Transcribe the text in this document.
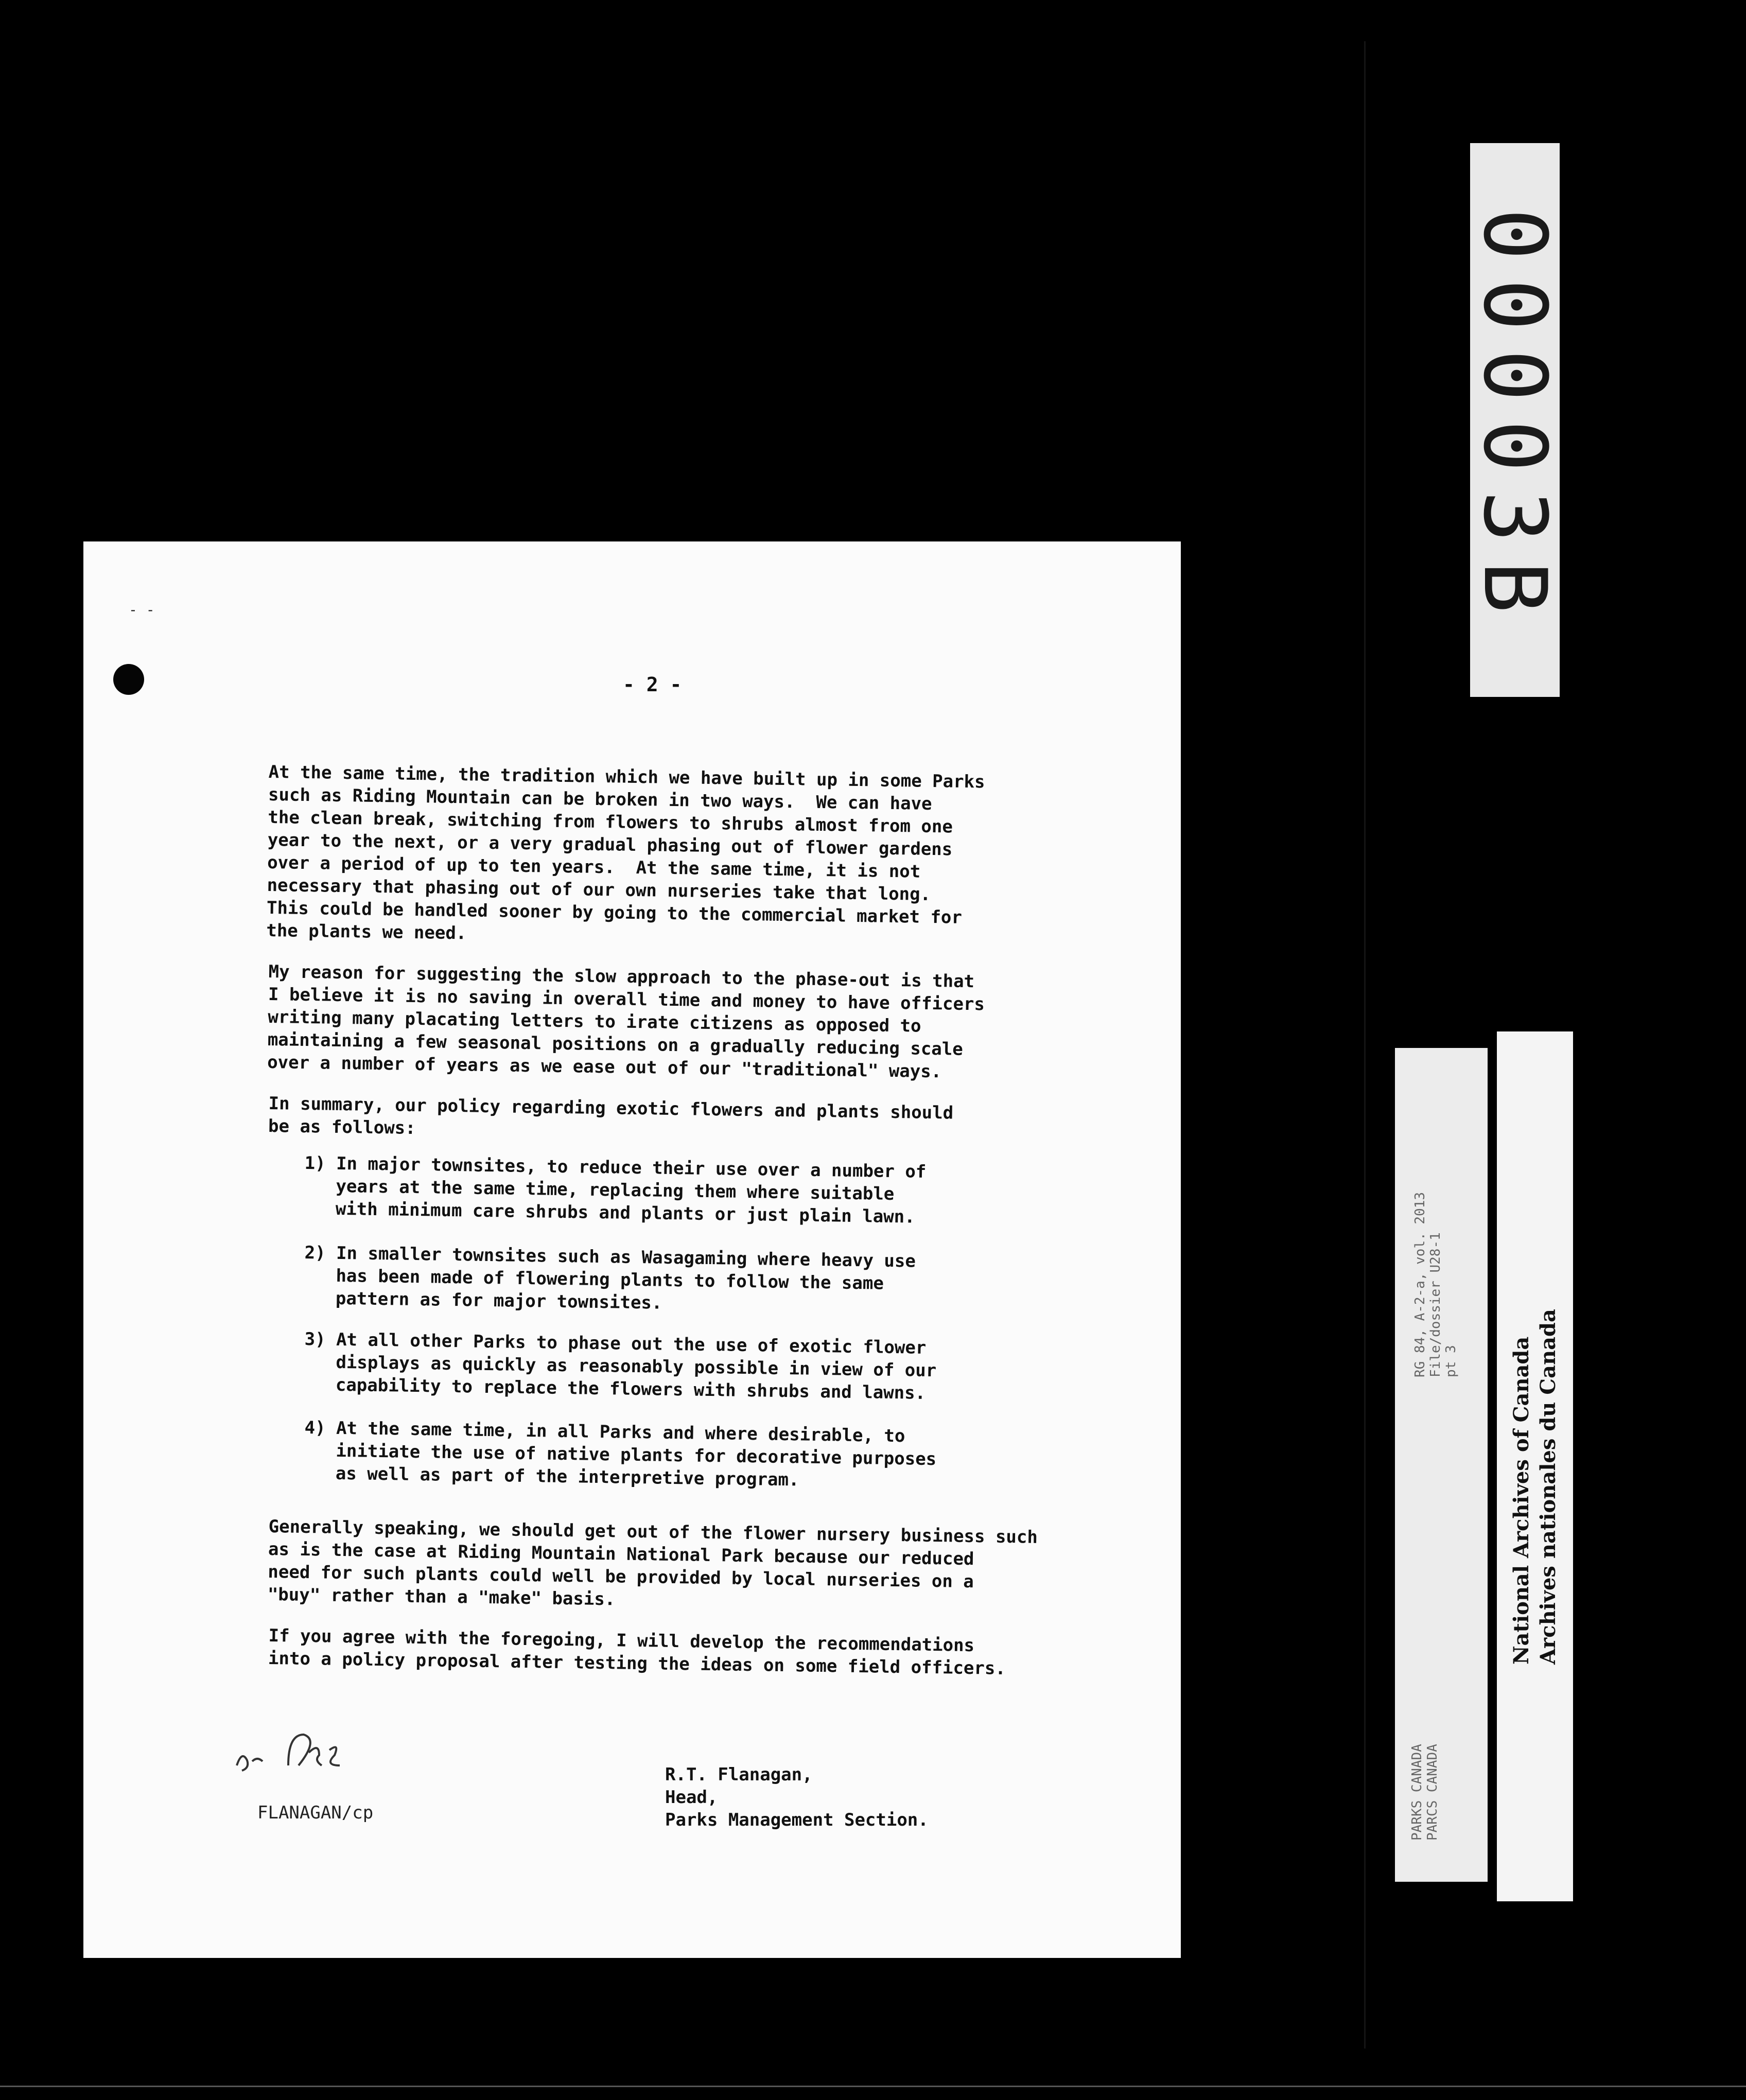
- -
- 2 -
At the same time, the tradition which we have built up in some Parks
such as Riding Mountain can be broken in two ways.  We can have
the clean break, switching from flowers to shrubs almost from one
year to the next, or a very gradual phasing out of flower gardens
over a period of up to ten years.  At the same time, it is not
necessary that phasing out of our own nurseries take that long.
This could be handled sooner by going to the commercial market for
the plants we need.
My reason for suggesting the slow approach to the phase-out is that
I believe it is no saving in overall time and money to have officers
writing many placating letters to irate citizens as opposed to
maintaining a few seasonal positions on a gradually reducing scale
over a number of years as we ease out of our "traditional" ways.
In summary, our policy regarding exotic flowers and plants should
be as follows:
1) In major townsites, to reduce their use over a number of
years at the same time, replacing them where suitable
with minimum care shrubs and plants or just plain lawn.
2) In smaller townsites such as Wasagaming where heavy use
has been made of flowering plants to follow the same
pattern as for major townsites.
3) At all other Parks to phase out the use of exotic flower
displays as quickly as reasonably possible in view of our
capability to replace the flowers with shrubs and lawns.
4) At the same time, in all Parks and where desirable, to
initiate the use of native plants for decorative purposes
as well as part of the interpretive program.
Generally speaking, we should get out of the flower nursery business such
as is the case at Riding Mountain National Park because our reduced
need for such plants could well be provided by local nurseries on a
"buy" rather than a "make" basis.
If you agree with the foregoing, I will develop the recommendations
into a policy proposal after testing the ideas on some field officers.
FLANAGAN/cp
R.T. Flanagan,
Head,
Parks Management Section.
00003B
RG 84, A-2-a, vol. 2013
File/dossier U28-1
pt 3
PARKS CANADA
PARCS CANADA
National Archives of Canada
Archives nationales du Canada
